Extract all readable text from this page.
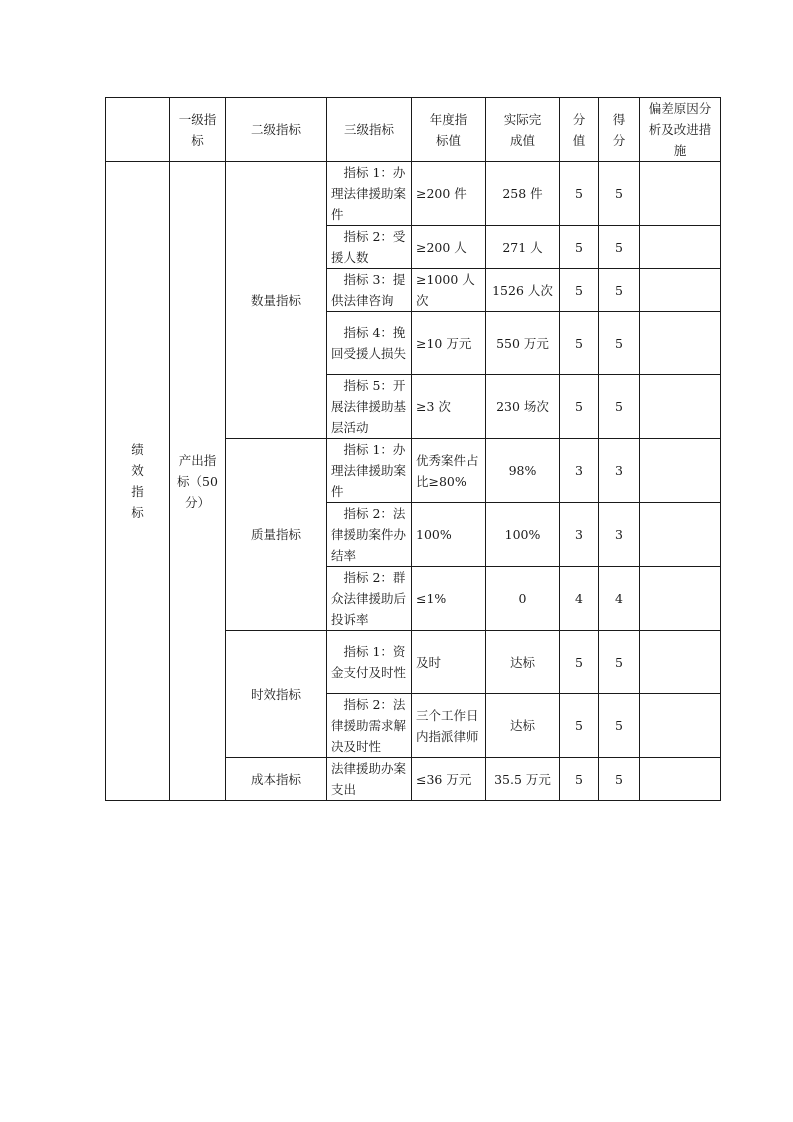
	一级指标	二级指标	三级指标	年度指标值	实际完成值	分值	得分	偏差原因分析及改进措施
绩效指标	产出指标（50分）	数量指标	指标 1：办理法律援助案件	≥200 件	258 件	5	5	
			指标 2：受援人数	≥200 人	271 人	5	5	
			指标 3：提供法律咨询	≥1000 人次	1526 人次	5	5	
			指标 4：挽回受援人损失	≥10 万元	550 万元	5	5	
			指标 5：开展法律援助基层活动	≥3 次	230 场次	5	5	
		质量指标	指标 1：办理法律援助案件	优秀案件占比≥80%	98%	3	3	
			指标 2：法律援助案件办结率	100%	100%	3	3	
			指标 2：群众法律援助后投诉率	≤1%	0	4	4	
		时效指标	指标 1：资金支付及时性	及时	达标	5	5	
			指标 2：法律援助需求解决及时性	三个工作日内指派律师	达标	5	5	
		成本指标	法律援助办案支出	≤36 万元	35.5 万元	5	5	
